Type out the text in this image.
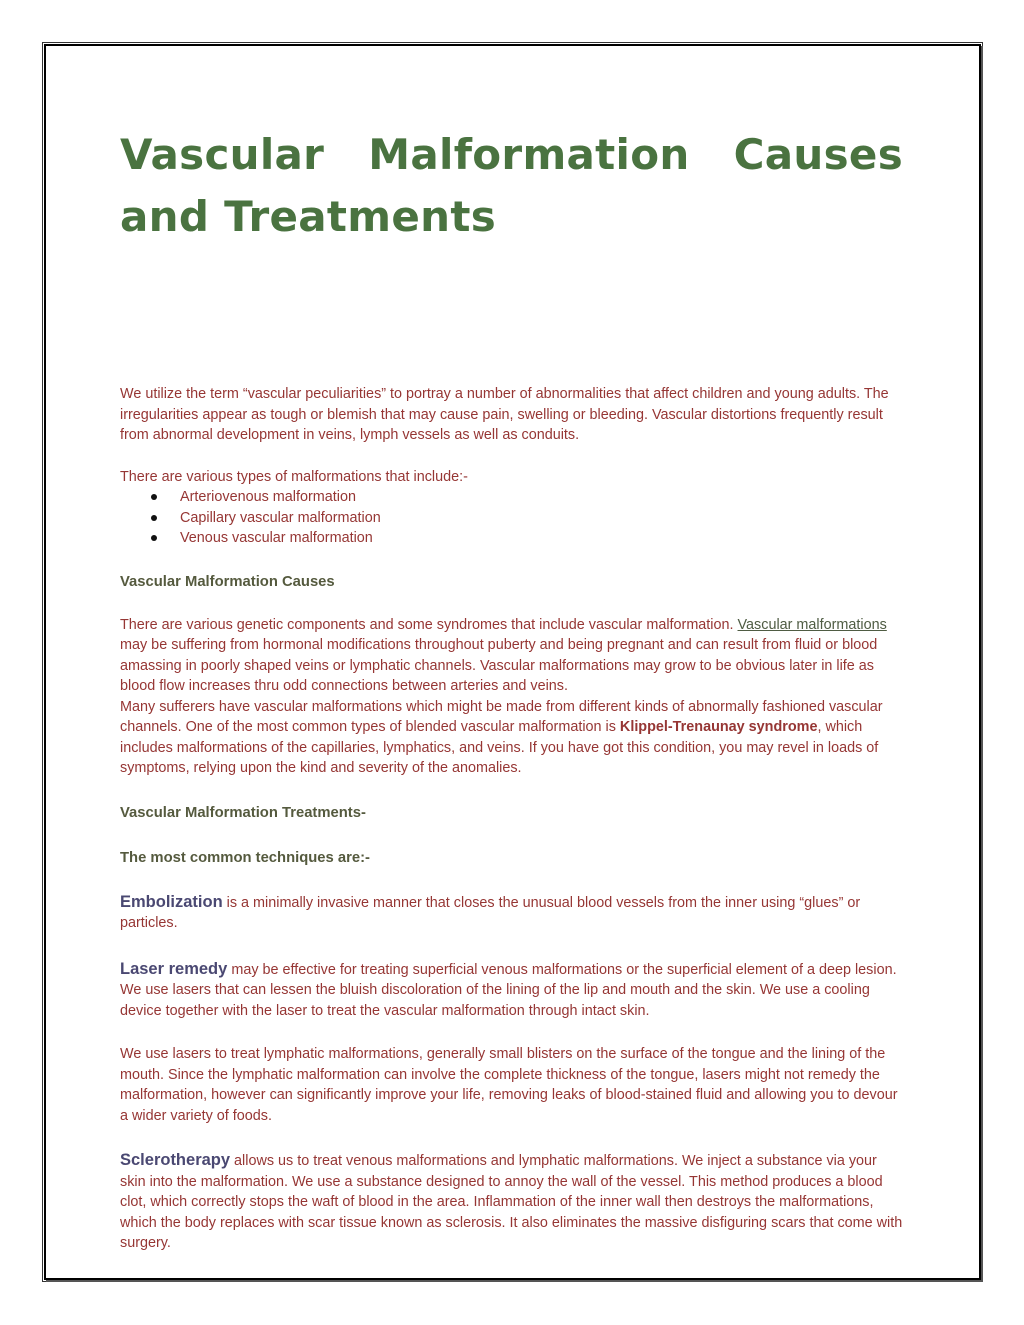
Vascular Malformation Causes and Treatments

We utilize the term “vascular peculiarities” to portray a number of abnormalities that affect children and young adults. The irregularities appear as tough or blemish that may cause pain, swelling or bleeding. Vascular distortions frequently result from abnormal development in veins, lymph vessels as well as conduits.

There are various types of malformations that include:-

Arteriovenous malformation
Capillary vascular malformation
Venous vascular malformation

Vascular Malformation Causes

There are various genetic components and some syndromes that include vascular malformation. Vascular malformations may be suffering from hormonal modifications throughout puberty and being pregnant and can result from fluid or blood amassing in poorly shaped veins or lymphatic channels. Vascular malformations may grow to be obvious later in life as blood flow increases thru odd connections between arteries and veins.
Many sufferers have vascular malformations which might be made from different kinds of abnormally fashioned vascular channels. One of the most common types of blended vascular malformation is Klippel-Trenaunay syndrome, which includes malformations of the capillaries, lymphatics, and veins. If you have got this condition, you may revel in loads of symptoms, relying upon the kind and severity of the anomalies.

Vascular Malformation Treatments-

The most common techniques are:-

Embolization is a minimally invasive manner that closes the unusual blood vessels from the inner using “glues” or particles.

Laser remedy may be effective for treating superficial venous malformations or the superficial element of a deep lesion. We use lasers that can lessen the bluish discoloration of the lining of the lip and mouth and the skin. We use a cooling device together with the laser to treat the vascular malformation through intact skin.

We use lasers to treat lymphatic malformations, generally small blisters on the surface of the tongue and the lining of the mouth. Since the lymphatic malformation can involve the complete thickness of the tongue, lasers might not remedy the malformation, however can significantly improve your life, removing leaks of blood-stained fluid and allowing you to devour a wider variety of foods.

Sclerotherapy allows us to treat venous malformations and lymphatic malformations. We inject a substance via your skin into the malformation. We use a substance designed to annoy the wall of the vessel. This method produces a blood clot, which correctly stops the waft of blood in the area. Inflammation of the inner wall then destroys the malformations, which the body replaces with scar tissue known as sclerosis. It also eliminates the massive disfiguring scars that come with surgery.
